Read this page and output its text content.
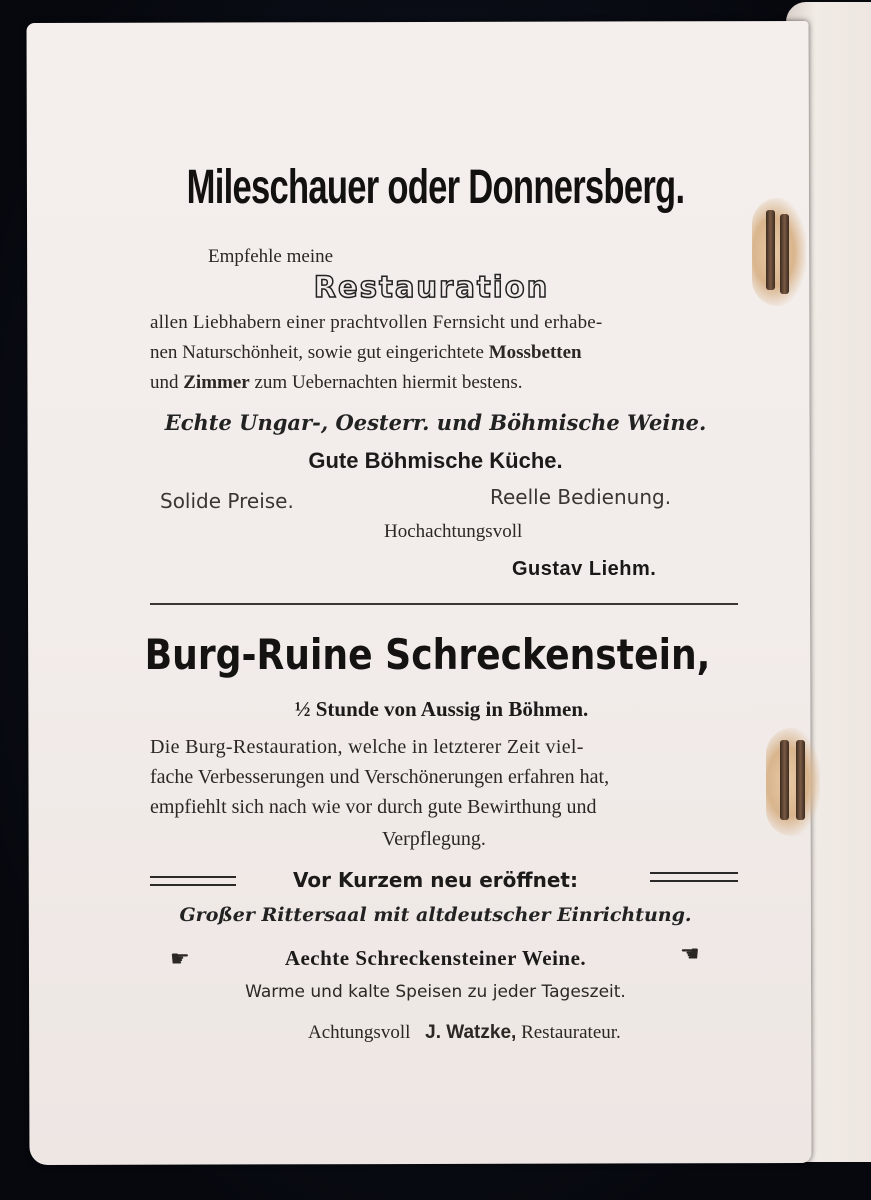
Mileschauer oder Donnersberg.
Empfehle meine
Restauration
allen Liebhabern einer prachtvollen Fernsicht und erhabe-
nen Naturschönheit, sowie gut eingerichtete Mossbetten
und Zimmer zum Uebernachten hiermit bestens.
Echte Ungar-, Oesterr. und Böhmische Weine.
Gute Böhmische Küche.
Solide Preise.	Reelle Bedienung.
Hochachtungsvoll
Gustav Liehm.
Burg-Ruine Schreckenstein,
½ Stunde von Aussig in Böhmen.
Die Burg-Restauration, welche in letzterer Zeit viel-
fache Verbesserungen und Verschönerungen erfahren hat,
empfiehlt sich nach wie vor durch gute Bewirthung und
Verpflegung.
Vor Kurzem neu eröffnet:
Großer Rittersaal mit altdeutscher Einrichtung.
☛	Aechte Schreckensteiner Weine.	☚
Warme und kalte Speisen zu jeder Tageszeit.
Achtungsvoll J. Watzke, Restaurateur.
